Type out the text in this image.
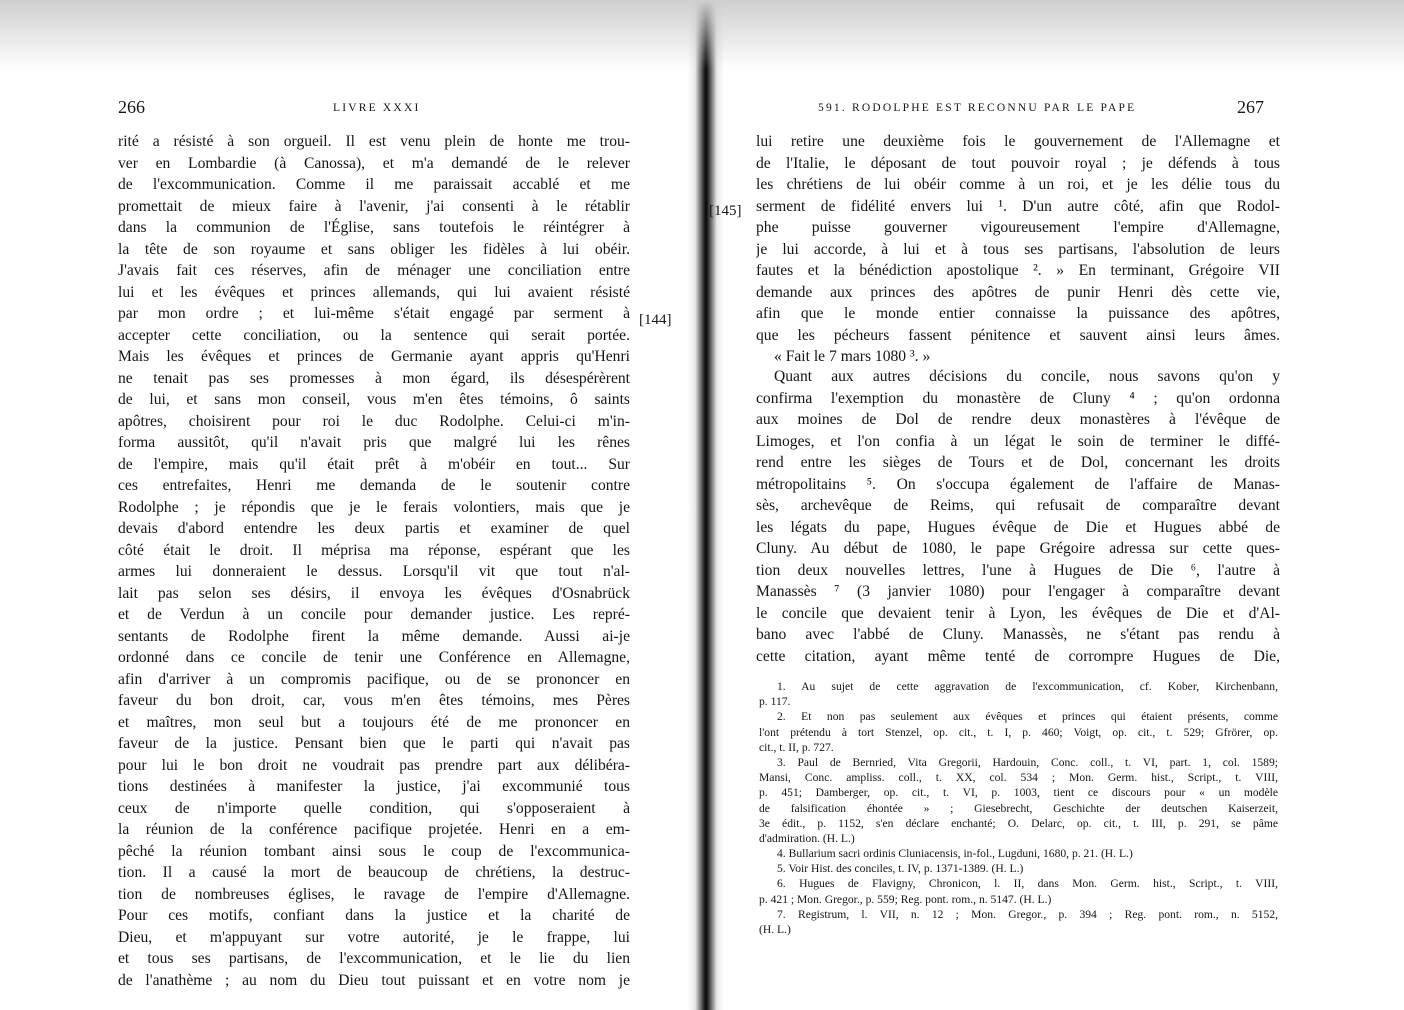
266	LIVRE XXXI
rité a résisté à son orgueil. Il est venu plein de honte me trou-
ver en Lombardie (à Canossa), et m'a demandé de le relever
de l'excommunication. Comme il me paraissait accablé et me
promettait de mieux faire à l'avenir, j'ai consenti à le rétablir
dans la communion de l'Église, sans toutefois le réintégrer à
la tête de son royaume et sans obliger les fidèles à lui obéir.
J'avais fait ces réserves, afin de ménager une conciliation entre
lui et les évêques et princes allemands, qui lui avaient résisté
par mon ordre ; et lui-même s'était engagé par serment à
accepter cette conciliation, ou la sentence qui serait portée.
Mais les évêques et princes de Germanie ayant appris qu'Henri
ne tenait pas ses promesses à mon égard, ils désespérèrent
de lui, et sans mon conseil, vous m'en êtes témoins, ô saints
apôtres, choisirent pour roi le duc Rodolphe. Celui-ci m'in-
forma aussitôt, qu'il n'avait pris que malgré lui les rênes
de l'empire, mais qu'il était prêt à m'obéir en tout... Sur
ces entrefaites, Henri me demanda de le soutenir contre
Rodolphe ; je répondis que je le ferais volontiers, mais que je
devais d'abord entendre les deux partis et examiner de quel
côté était le droit. Il méprisa ma réponse, espérant que les
armes lui donneraient le dessus. Lorsqu'il vit que tout n'al-
lait pas selon ses désirs, il envoya les évêques d'Osnabrück
et de Verdun à un concile pour demander justice. Les repré-
sentants de Rodolphe firent la même demande. Aussi ai-je
ordonné dans ce concile de tenir une Conférence en Allemagne,
afin d'arriver à un compromis pacifique, ou de se prononcer en
faveur du bon droit, car, vous m'en êtes témoins, mes Pères
et maîtres, mon seul but a toujours été de me prononcer en
faveur de la justice. Pensant bien que le parti qui n'avait pas
pour lui le bon droit ne voudrait pas prendre part aux délibéra-
tions destinées à manifester la justice, j'ai excommunié tous
ceux de n'importe quelle condition, qui s'opposeraient à
la réunion de la conférence pacifique projetée. Henri en a em-
pêché la réunion tombant ainsi sous le coup de l'excommunica-
tion. Il a causé la mort de beaucoup de chrétiens, la destruc-
tion de nombreuses églises, le ravage de l'empire d'Allemagne.
Pour ces motifs, confiant dans la justice et la charité de
Dieu, et m'appuyant sur votre autorité, je le frappe, lui
et tous ses partisans, de l'excommunication, et le lie du lien
de l'anathème ; au nom du Dieu tout puissant et en votre nom je
591. RODOLPHE EST RECONNU PAR LE PAPE	267
lui retire une deuxième fois le gouvernement de l'Allemagne et
de l'Italie, le déposant de tout pouvoir royal ; je défends à tous
les chrétiens de lui obéir comme à un roi, et je les délie tous du
serment de fidélité envers lui ¹. D'un autre côté, afin que Rodol-
phe puisse gouverner vigoureusement l'empire d'Allemagne,
je lui accorde, à lui et à tous ses partisans, l'absolution de leurs
fautes et la bénédiction apostolique ². » En terminant, Grégoire VII
demande aux princes des apôtres de punir Henri dès cette vie,
afin que le monde entier connaisse la puissance des apôtres,
que les pécheurs fassent pénitence et sauvent ainsi leurs âmes.
« Fait le 7 mars 1080 ³. »
Quant aux autres décisions du concile, nous savons qu'on y
confirma l'exemption du monastère de Cluny ⁴ ; qu'on ordonna
aux moines de Dol de rendre deux monastères à l'évêque de
Limoges, et l'on confia à un légat le soin de terminer le diffé-
rend entre les sièges de Tours et de Dol, concernant les droits
métropolitains ⁵. On s'occupa également de l'affaire de Manas-
sès, archevêque de Reims, qui refusait de comparaître devant
les légats du pape, Hugues évêque de Die et Hugues abbé de
Cluny. Au début de 1080, le pape Grégoire adressa sur cette ques-
tion deux nouvelles lettres, l'une à Hugues de Die ⁶, l'autre à
Manassès ⁷ (3 janvier 1080) pour l'engager à comparaître devant
le concile que devaient tenir à Lyon, les évêques de Die et d'Al-
bano avec l'abbé de Cluny. Manassès, ne s'étant pas rendu à
cette citation, ayant même tenté de corrompre Hugues de Die,
1. Au sujet de cette aggravation de l'excommunication, cf. Kober, Kirchenbann,
p. 117.
2. Et non pas seulement aux évêques et princes qui étaient présents, comme
l'ont prétendu à tort Stenzel, op. cit., t. I, p. 460; Voigt, op. cit., t. 529; Gfrörer, op.
cit., t. II, p. 727.
3. Paul de Bernried, Vita Gregorii, Hardouin, Conc. coll., t. VI, part. 1, col. 1589;
Mansi, Conc. ampliss. coll., t. XX, col. 534 ; Mon. Germ. hist., Script., t. VIII,
p. 451; Damberger, op. cit., t. VI, p. 1003, tient ce discours pour « un modèle
de falsification éhontée » ; Giesebrecht, Geschichte der deutschen Kaiserzeit,
3e édit., p. 1152, s'en déclare enchanté; O. Delarc, op. cit., t. III, p. 291, se pâme
d'admiration. (H. L.)
4. Bullarium sacri ordinis Cluniacensis, in-fol., Lugduni, 1680, p. 21. (H. L.)
5. Voir Hist. des conciles, t. IV, p. 1371-1389. (H. L.)
6. Hugues de Flavigny, Chronicon, l. II, dans Mon. Germ. hist., Script., t. VIII,
p. 421 ; Mon. Gregor., p. 559; Reg. pont. rom., n. 5147. (H. L.)
7. Registrum, l. VII, n. 12 ; Mon. Gregor., p. 394 ; Reg. pont. rom., n. 5152,
(H. L.)
[144]
[145]
